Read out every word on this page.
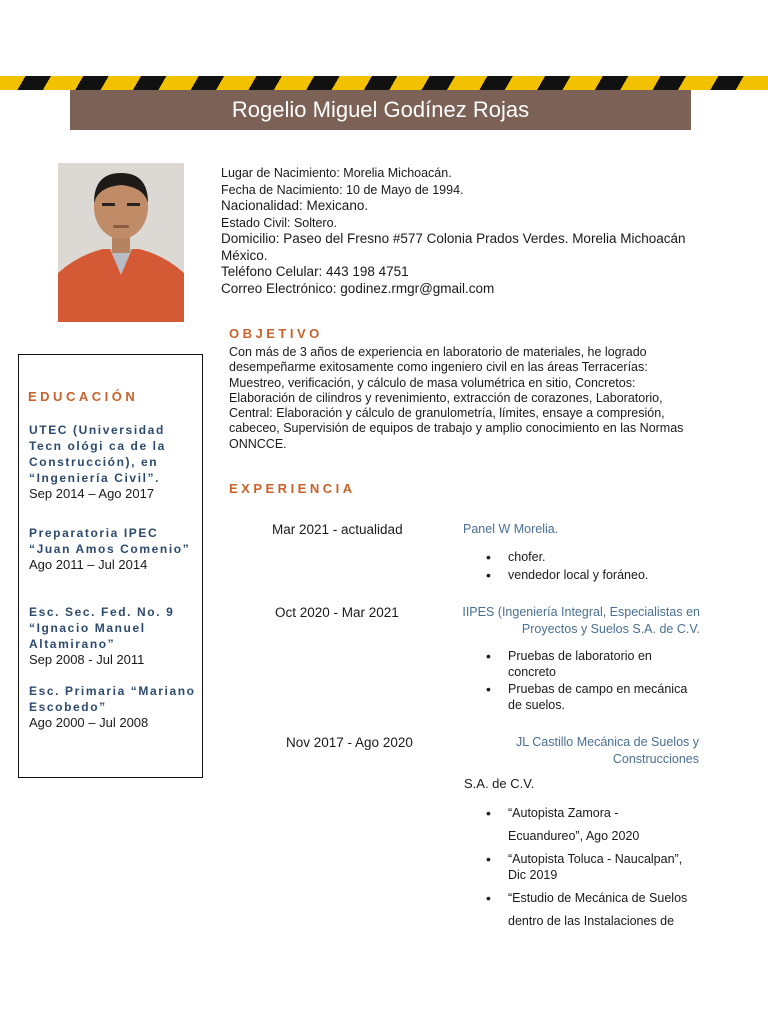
Rogelio Miguel Godínez Rojas
Lugar de Nacimiento: Morelia Michoacán.
Fecha de Nacimiento: 10 de Mayo de 1994.
Nacionalidad: Mexicano.
Estado Civil: Soltero.
Domicilio: Paseo del Fresno #577 Colonia Prados Verdes. Morelia Michoacán México.
Teléfono Celular: 443 198 4751
Correo Electrónico: godinez.rmgr@gmail.com
OBJETIVO
Con más de 3 años de experiencia en laboratorio de materiales, he logrado desempeñarme exitosamente como ingeniero civil en las áreas Terracerías: Muestreo, verificación, y cálculo de masa volumétrica en sitio, Concretos: Elaboración de cilindros y revenimiento, extracción de corazones, Laboratorio, Central: Elaboración y cálculo de granulometría, límites, ensaye a compresión, cabeceo, Supervisión de equipos de trabajo y amplio conocimiento en las Normas ONNCCE.
EDUCACIÓN
UTEC (Universidad Tecn ológi ca de la Construcción), en “Ingeniería Civil”.
Sep 2014 – Ago 2017
Preparatoria IPEC “Juan Amos Comenio”
Ago 2011 – Jul 2014
Esc. Sec. Fed. No. 9 “Ignacio Manuel Altamirano”
Sep 2008 - Jul 2011
Esc. Primaria “Mariano Escobedo”
Ago 2000 – Jul 2008
EXPERIENCIA
Mar 2021 - actualidad	Panel W Morelia.
• chofer.
• vendedor local y foráneo.
Oct 2020 - Mar 2021	IIPES (Ingeniería Integral, Especialistas en Proyectos y Suelos S.A. de C.V.
• Pruebas de laboratorio en concreto
• Pruebas de campo en mecánica de suelos.
Nov 2017 - Ago 2020	JL Castillo Mecánica de Suelos y Construcciones
S.A. de C.V.
• “Autopista Zamora - Ecuandureo”, Ago 2020
• “Autopista Toluca - Naucalpan”, Dic 2019
• “Estudio de Mecánica de Suelos dentro de las Instalaciones de
